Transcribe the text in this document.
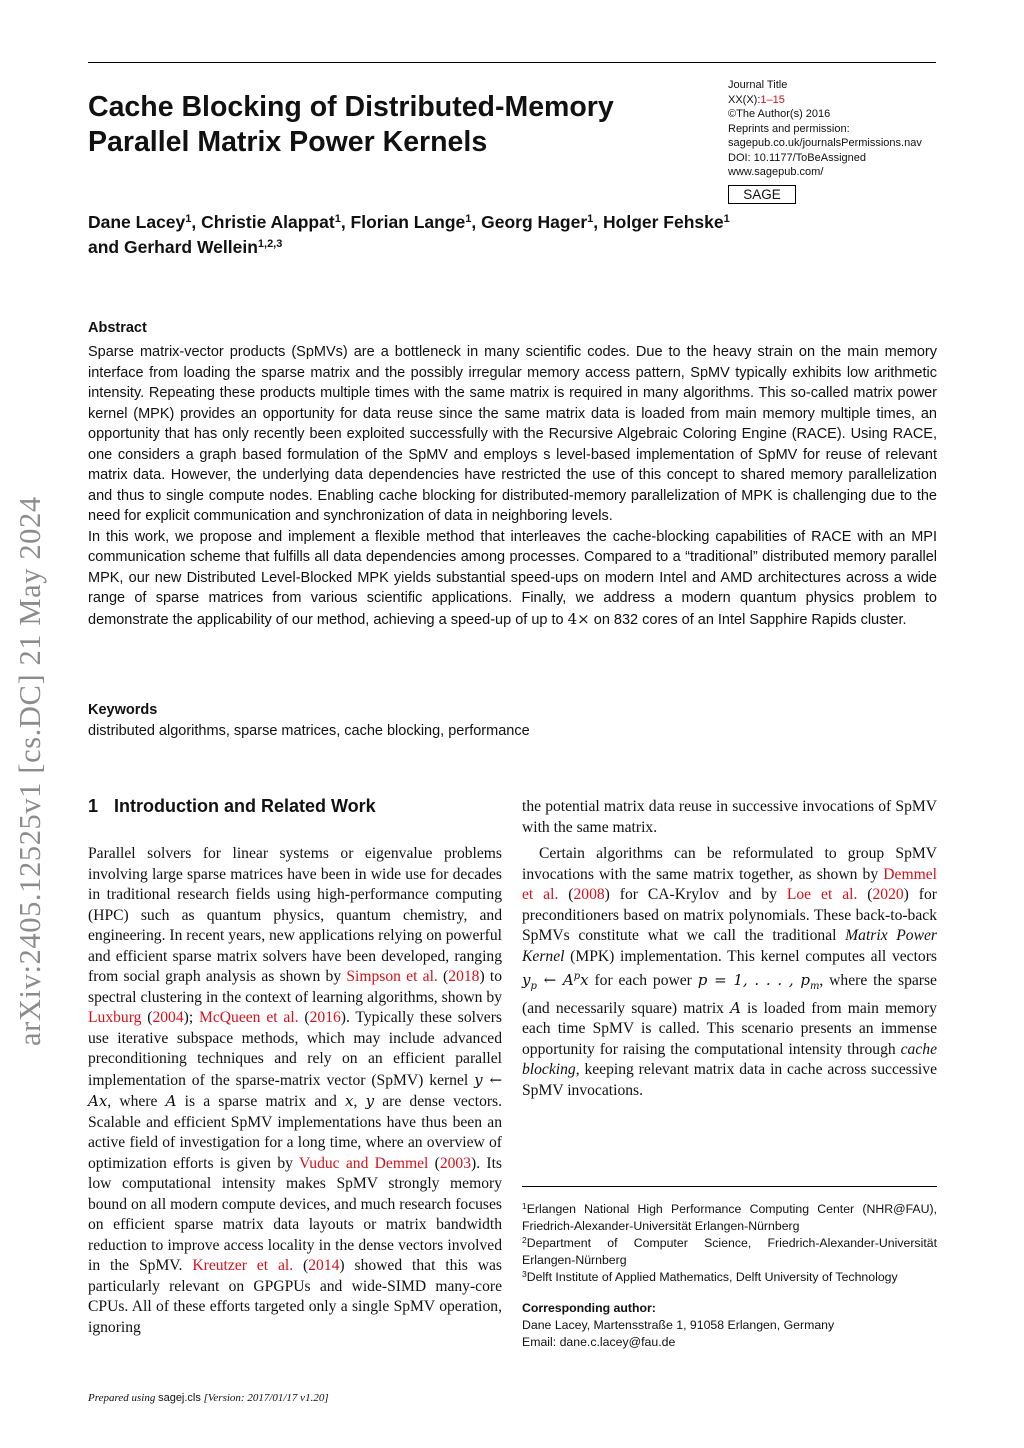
Cache Blocking of Distributed-Memory
Parallel Matrix Power Kernels
Journal Title
XX(X):1–15
©The Author(s) 2016
Reprints and permission:
sagepub.co.uk/journalsPermissions.nav
DOI: 10.1177/ToBeAssigned
www.sagepub.com/
SAGE
Dane Lacey$^1$, Christie Alappat$^1$, Florian Lange$^1$, Georg Hager$^1$, Holger Fehske$^1$
and Gerhard Wellein$^{1,2,3}$
Abstract

Sparse matrix-vector products (SpMVs) are a bottleneck in many scientific codes. Due to the heavy strain on the main memory interface from loading the sparse matrix and the possibly irregular memory access pattern, SpMV typically exhibits low arithmetic intensity. Repeating these products multiple times with the same matrix is required in many algorithms. This so-called matrix power kernel (MPK) provides an opportunity for data reuse since the same matrix data is loaded from main memory multiple times, an opportunity that has only recently been exploited successfully with the Recursive Algebraic Coloring Engine (RACE). Using RACE, one considers a graph based formulation of the SpMV and employs s level-based implementation of SpMV for reuse of relevant matrix data. However, the underlying data dependencies have restricted the use of this concept to shared memory parallelization and thus to single compute nodes. Enabling cache blocking for distributed-memory parallelization of MPK is challenging due to the need for explicit communication and synchronization of data in neighboring levels.

In this work, we propose and implement a flexible method that interleaves the cache-blocking capabilities of RACE with an MPI communication scheme that fulfills all data dependencies among processes. Compared to a “traditional” distributed memory parallel MPK, our new Distributed Level-Blocked MPK yields substantial speed-ups on modern Intel and AMD architectures across a wide range of sparse matrices from various scientific applications. Finally, we address a modern quantum physics problem to demonstrate the applicability of our method, achieving a speed-up of up to 4× on 832 cores of an Intel Sapphire Rapids cluster.

Keywords
distributed algorithms, sparse matrices, cache blocking, performance
arXiv:2405.12525v1 [cs.DC] 21 May 2024 1 Introduction and Related Work

Parallel solvers for linear systems or eigenvalue problems involving large sparse matrices have been in wide use for decades in traditional research fields using high-performance computing (HPC) such as quantum physics, quantum chemistry, and engineering. In recent years, new applications relying on powerful and efficient sparse matrix solvers have been developed, ranging from social graph analysis as shown by Simpson et al. (2018) to spectral clustering in the context of learning algorithms, shown by Luxburg (2004); McQueen et al. (2016). Typically these solvers use iterative subspace methods, which may include advanced preconditioning techniques and rely on an efficient parallel implementation of the sparse-matrix vector (SpMV) kernel y ← Ax, where A is a sparse matrix and x, y are dense vectors. Scalable and efficient SpMV implementations have thus been an active field of investigation for a long time, where an overview of optimization efforts is given by Vuduc and Demmel (2003). Its low computational intensity makes SpMV strongly memory bound on all modern compute devices, and much research focuses on efficient sparse matrix data layouts or matrix bandwidth reduction to improve access locality in the dense vectors involved in the SpMV. Kreutzer et al. (2014) showed that this was particularly relevant on GPGPUs and wide-SIMD many-core CPUs. All of these efforts targeted only a single SpMV operation, ignoring

the potential matrix data reuse in successive invocations of SpMV with the same matrix.

Certain algorithms can be reformulated to group SpMV invocations with the same matrix together, as shown by Demmel et al. (2008) for CA-Krylov and by Loe et al. (2020) for preconditioners based on matrix polynomials. These back-to-back SpMVs constitute what we call the traditional Matrix Power Kernel (MPK) implementation. This kernel computes all vectors $y_p$ ← $A^px$ for each power p = 1, . . . , $p_m$, where the sparse (and necessarily square) matrix A is loaded from main memory each time SpMV is called. This scenario presents an immense opportunity for raising the computational intensity through cache blocking, keeping relevant matrix data in cache across successive SpMV invocations.

$^1$Erlangen National High Performance Computing Center (NHR@FAU), Friedrich-Alexander-Universität Erlangen-Nürnberg
$^2$Department of Computer Science, Friedrich-Alexander-Universität Erlangen-Nürnberg
$^3$Delft Institute of Applied Mathematics, Delft University of Technology
Corresponding author:
Dane Lacey, Martensstraße 1, 91058 Erlangen, Germany
Email: dane.c.lacey@fau.de
Prepared using sagej.cls [Version: 2017/01/17 v1.20]
